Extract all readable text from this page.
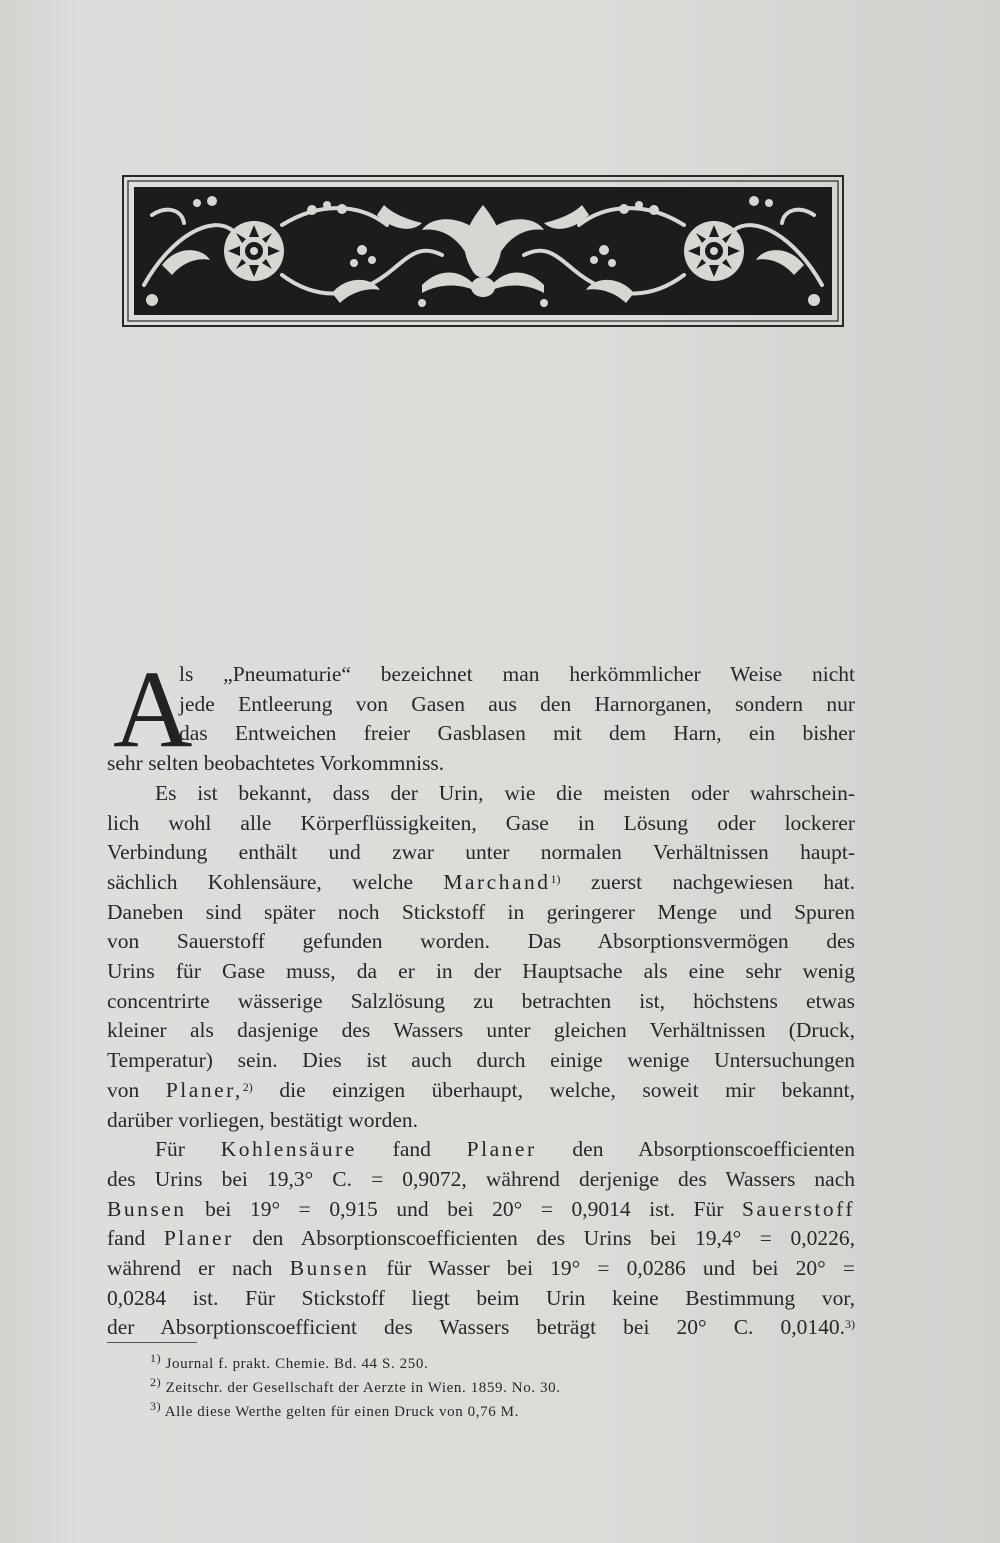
A
ls „Pneumaturie“ bezeichnet man herkömmlicher Weise nicht
jede Entleerung von Gasen aus den Harnorganen, sondern nur
das Entweichen freier Gasblasen mit dem Harn, ein bisher
sehr selten beobachtetes Vorkommniss.
Es ist bekannt, dass der Urin, wie die meisten oder wahrschein-
lich wohl alle Körperflüssigkeiten, Gase in Lösung oder lockerer
Verbindung enthält und zwar unter normalen Verhältnissen haupt-
sächlich Kohlensäure, welche Marchand$^{1)}$ zuerst nachgewiesen hat.
Daneben sind später noch Stickstoff in geringerer Menge und Spuren
von Sauerstoff gefunden worden. Das Absorptionsvermögen des
Urins für Gase muss, da er in der Hauptsache als eine sehr wenig
concentrirte wässerige Salzlösung zu betrachten ist, höchstens etwas
kleiner als dasjenige des Wassers unter gleichen Verhältnissen (Druck,
Temperatur) sein. Dies ist auch durch einige wenige Untersuchungen
von Planer,$^{2)}$ die einzigen überhaupt, welche, soweit mir bekannt,
darüber vorliegen, bestätigt worden.
Für Kohlensäure fand Planer den Absorptionscoefficienten
des Urins bei 19,3° C. = 0,9072, während derjenige des Wassers nach
Bunsen bei 19° = 0,915 und bei 20° = 0,9014 ist. Für Sauerstoff
fand Planer den Absorptionscoefficienten des Urins bei 19,4° = 0,0226,
während er nach Bunsen für Wasser bei 19° = 0,0286 und bei 20° =
0,0284 ist. Für Stickstoff liegt beim Urin keine Bestimmung vor,
der Absorptionscoefficient des Wassers beträgt bei 20° C. 0,0140.$^{3)}$
$^{1)}$ Journal f. prakt. Chemie. Bd. 44 S. 250.
$^{2)}$ Zeitschr. der Gesellschaft der Aerzte in Wien. 1859. No. 30.
$^{3)}$ Alle diese Werthe gelten für einen Druck von 0,76 M.
